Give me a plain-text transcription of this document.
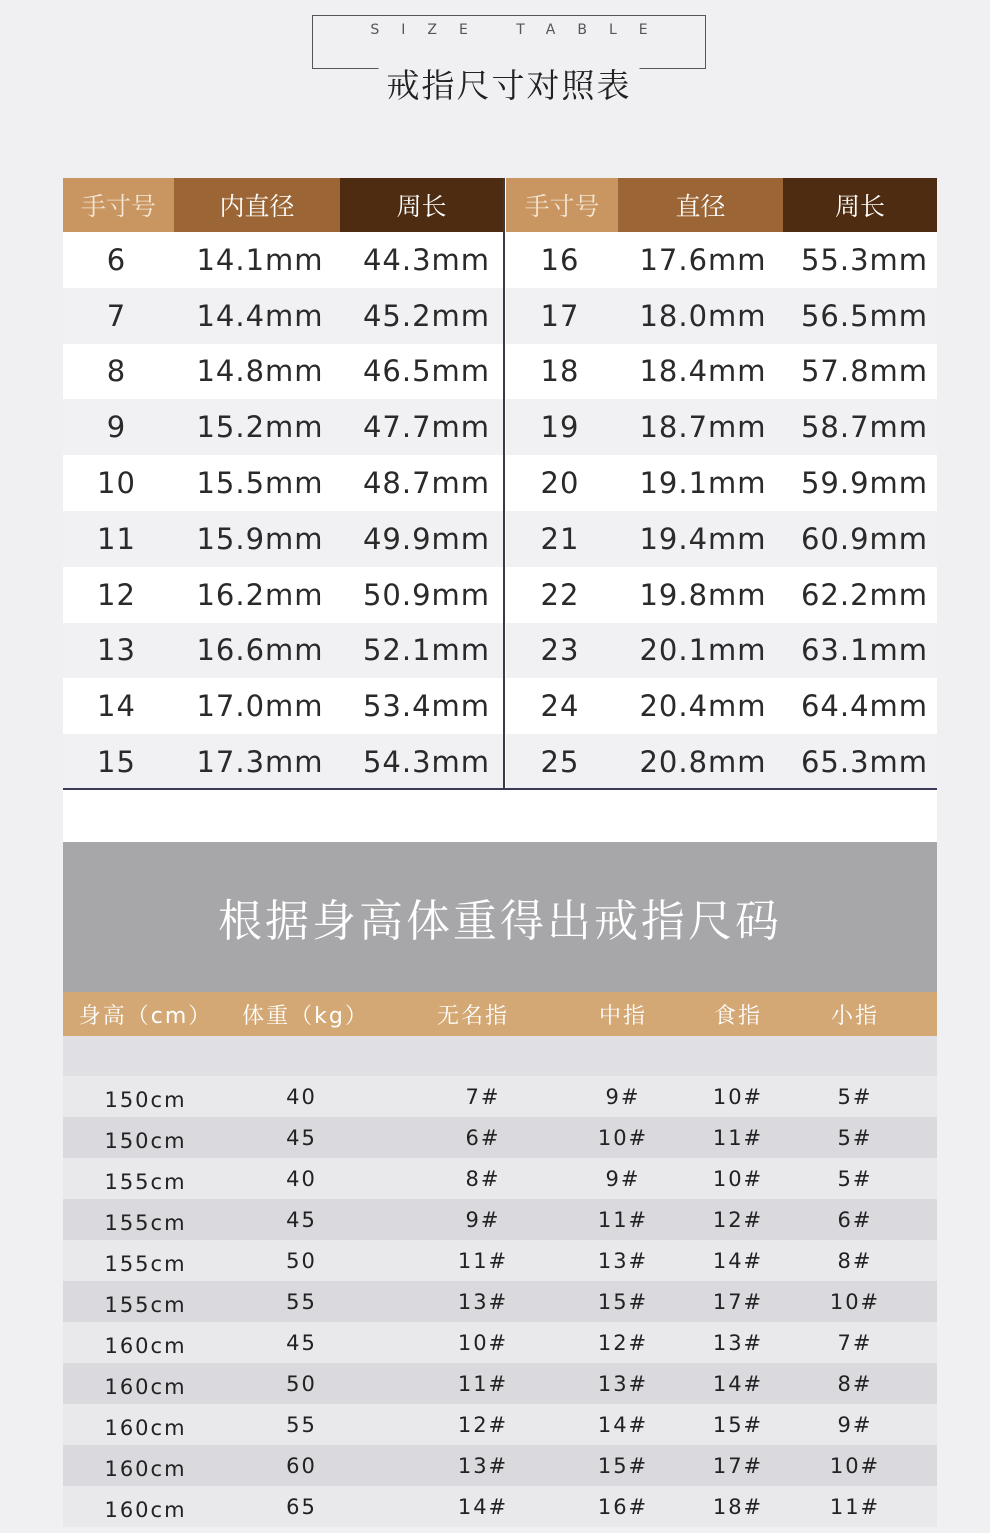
SIZE TABLE
戒指尺寸对照表
手寸号	内直径	周长
6	14.1mm	44.3mm
7	14.4mm	45.2mm
8	14.8mm	46.5mm
9	15.2mm	47.7mm
10	15.5mm	48.7mm
11	15.9mm	49.9mm
12	16.2mm	50.9mm
13	16.6mm	52.1mm
14	17.0mm	53.4mm
15	17.3mm	54.3mm
手寸号	直径	周长
16	17.6mm	55.3mm
17	18.0mm	56.5mm
18	18.4mm	57.8mm
19	18.7mm	58.7mm
20	19.1mm	59.9mm
21	19.4mm	60.9mm
22	19.8mm	62.2mm
23	20.1mm	63.1mm
24	20.4mm	64.4mm
25	20.8mm	65.3mm
根据身高体重得出戒指尺码
身高（cm）	体重（kg）	无名指	中指	食指	小指
150cm	40	7#	9#	10#	5#
150cm	45	6#	10#	11#	5#
155cm	40	8#	9#	10#	5#
155cm	45	9#	11#	12#	6#
155cm	50	11#	13#	14#	8#
155cm	55	13#	15#	17#	10#
160cm	45	10#	12#	13#	7#
160cm	50	11#	13#	14#	8#
160cm	55	12#	14#	15#	9#
160cm	60	13#	15#	17#	10#
160cm	65	14#	16#	18#	11#
